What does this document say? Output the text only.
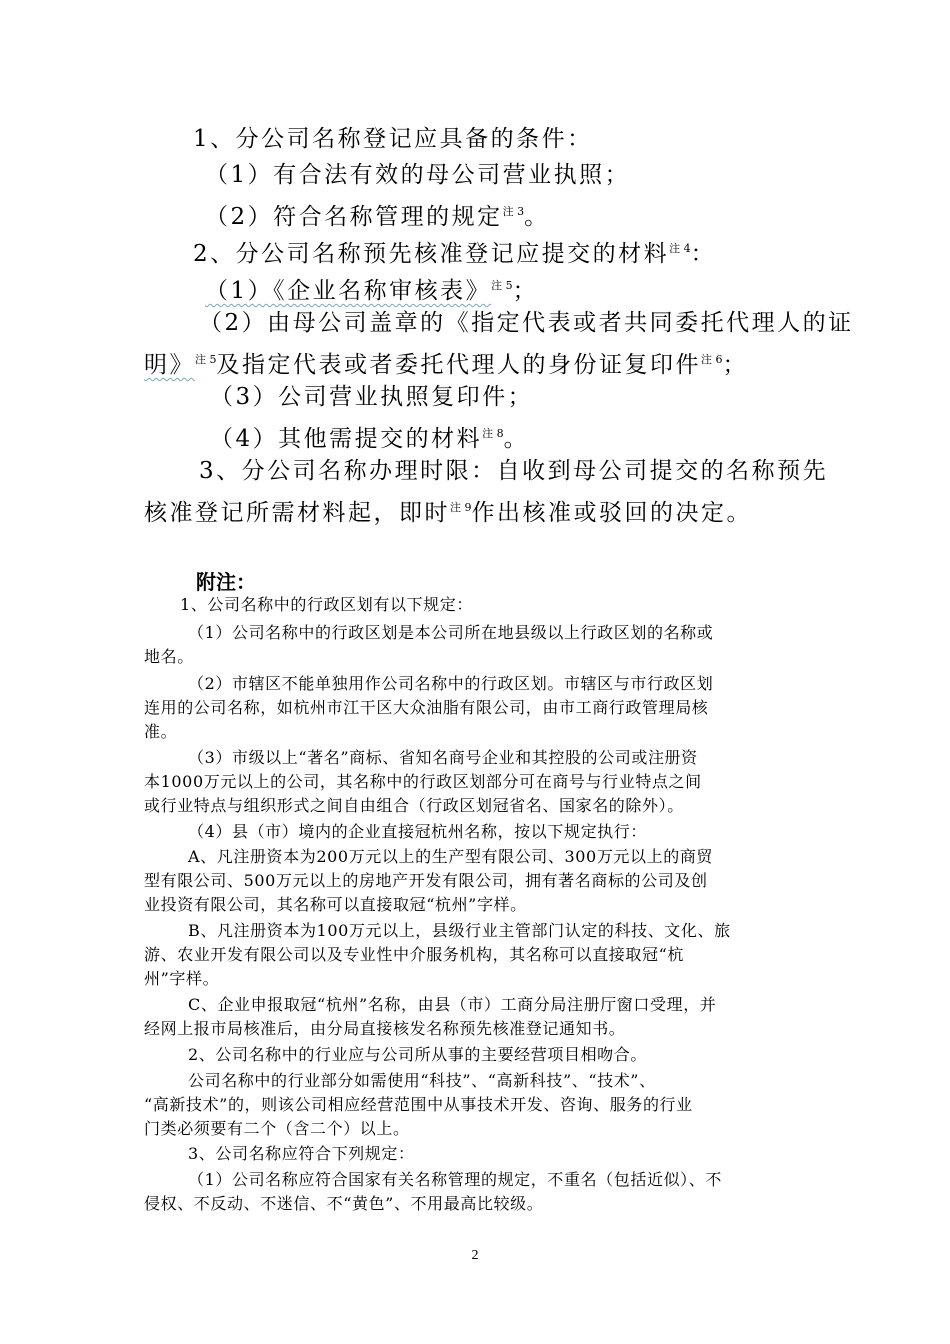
1、分公司名称登记应具备的条件：
（1）有合法有效的母公司营业执照；
（2）符合名称管理的规定$^{注 3}$。
2、分公司名称预先核准登记应提交的材料$^{注 4}$：
（1）《企业名称审核表》$^{注 5}$；
（2）由母公司盖章的《指定代表或者共同委托代理人的证
明》$^{注 5}$及指定代表或者委托代理人的身份证复印件$^{注 6}$；
（3）公司营业执照复印件；
（4）其他需提交的材料$^{注 8}$。
3、分公司名称办理时限：自收到母公司提交的名称预先
核准登记所需材料起，即时$^{注 9}$作出核准或驳回的决定。
附注：
1、公司名称中的行政区划有以下规定：
（1）公司名称中的行政区划是本公司所在地县级以上行政区划的名称或
地名。
（2）市辖区不能单独用作公司名称中的行政区划。市辖区与市行政区划
连用的公司名称，如杭州市江干区大众油脂有限公司，由市工商行政管理局核
准。
（3）市级以上“著名”商标、省知名商号企业和其控股的公司或注册资
本1000万元以上的公司，其名称中的行政区划部分可在商号与行业特点之间
或行业特点与组织形式之间自由组合（行政区划冠省名、国家名的除外）。
（4）县（市）境内的企业直接冠杭州名称，按以下规定执行：
A、凡注册资本为200万元以上的生产型有限公司、300万元以上的商贸
型有限公司、500万元以上的房地产开发有限公司，拥有著名商标的公司及创
业投资有限公司，其名称可以直接取冠“杭州”字样。
B、凡注册资本为100万元以上，县级行业主管部门认定的科技、文化、旅
游、农业开发有限公司以及专业性中介服务机构，其名称可以直接取冠“杭
州”字样。
C、企业申报取冠“杭州”名称，由县（市）工商分局注册厅窗口受理，并
经网上报市局核准后，由分局直接核发名称预先核准登记通知书。
2、公司名称中的行业应与公司所从事的主要经营项目相吻合。
公司名称中的行业部分如需使用“科技”、“高新科技”、“技术”、
“高新技术”的，则该公司相应经营范围中从事技术开发、咨询、服务的行业
门类必须要有二个（含二个）以上。
3、公司名称应符合下列规定：
（1）公司名称应符合国家有关名称管理的规定，不重名（包括近似）、不
侵权、不反动、不迷信、不“黄色”、不用最高比较级。
2
